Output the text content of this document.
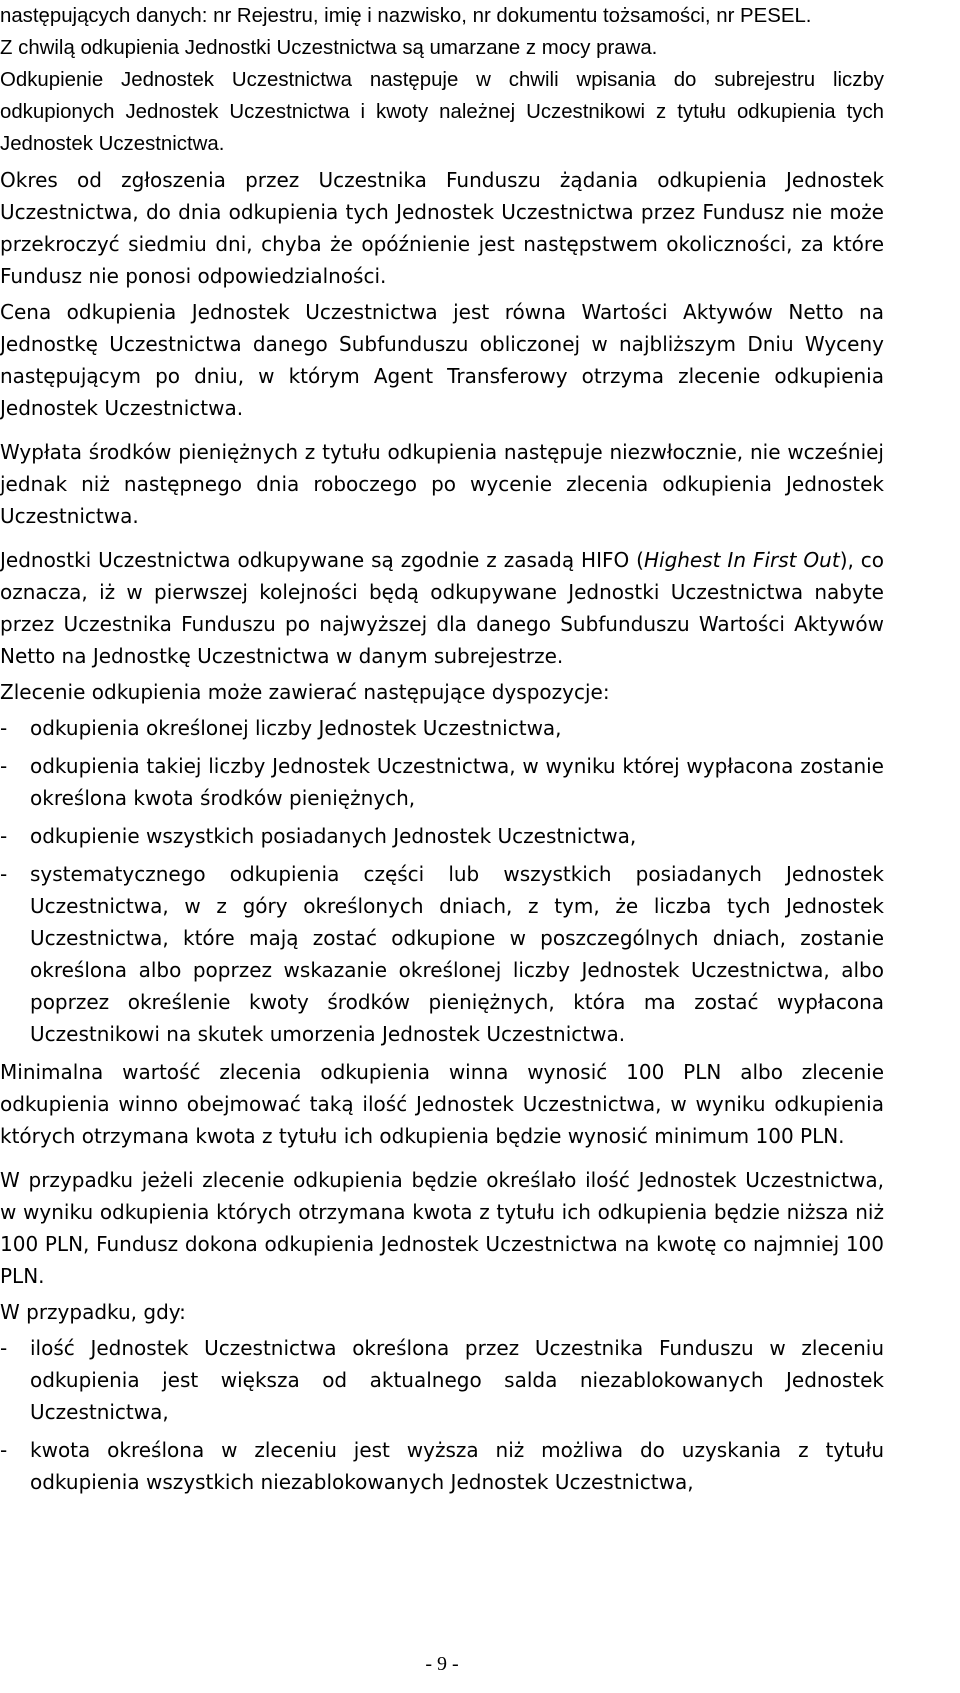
następujących danych: nr Rejestru, imię i nazwisko, nr dokumentu tożsamości, nr PESEL.

Z chwilą odkupienia Jednostki Uczestnictwa są umarzane z mocy prawa.

Odkupienie Jednostek Uczestnictwa następuje w chwili wpisania do subrejestru liczby odkupionych Jednostek Uczestnictwa i kwoty należnej Uczestnikowi z tytułu odkupienia tych Jednostek Uczestnictwa.

Okres od zgłoszenia przez Uczestnika Funduszu żądania odkupienia Jednostek Uczestnictwa, do dnia odkupienia tych Jednostek Uczestnictwa przez Fundusz nie może przekroczyć siedmiu dni, chyba że opóźnienie jest następstwem okoliczności, za które Fundusz nie ponosi odpowiedzialności.

Cena odkupienia Jednostek Uczestnictwa jest równa Wartości Aktywów Netto na Jednostkę Uczestnictwa danego Subfunduszu obliczonej w najbliższym Dniu Wyceny następującym po dniu, w którym Agent Transferowy otrzyma zlecenie odkupienia Jednostek Uczestnictwa.

Wypłata środków pieniężnych z tytułu odkupienia następuje niezwłocznie, nie wcześniej jednak niż następnego dnia roboczego po wycenie zlecenia odkupienia Jednostek Uczestnictwa.

Jednostki Uczestnictwa odkupywane są zgodnie z zasadą HIFO (Highest In First Out), co oznacza, iż w pierwszej kolejności będą odkupywane Jednostki Uczestnictwa nabyte przez Uczestnika Funduszu po najwyższej dla danego Subfunduszu Wartości Aktywów Netto na Jednostkę Uczestnictwa w danym subrejestrze.

Zlecenie odkupienia może zawierać następujące dyspozycje:

- odkupienia określonej liczby Jednostek Uczestnictwa,
- odkupienia takiej liczby Jednostek Uczestnictwa, w wyniku której wypłacona zostanie określona kwota środków pieniężnych,
- odkupienie wszystkich posiadanych Jednostek Uczestnictwa,
- systematycznego odkupienia części lub wszystkich posiadanych Jednostek Uczestnictwa, w z góry określonych dniach, z tym, że liczba tych Jednostek Uczestnictwa, które mają zostać odkupione w poszczególnych dniach, zostanie określona albo poprzez wskazanie określonej liczby Jednostek Uczestnictwa, albo poprzez określenie kwoty środków pieniężnych, która ma zostać wypłacona Uczestnikowi na skutek umorzenia Jednostek Uczestnictwa.

Minimalna wartość zlecenia odkupienia winna wynosić 100 PLN albo zlecenie odkupienia winno obejmować taką ilość Jednostek Uczestnictwa, w wyniku odkupienia których otrzymana kwota z tytułu ich odkupienia będzie wynosić minimum 100 PLN.

W przypadku jeżeli zlecenie odkupienia będzie określało ilość Jednostek Uczestnictwa, w wyniku odkupienia których otrzymana kwota z tytułu ich odkupienia będzie niższa niż 100 PLN, Fundusz dokona odkupienia Jednostek Uczestnictwa na kwotę co najmniej 100 PLN.

W przypadku, gdy:

- ilość Jednostek Uczestnictwa określona przez Uczestnika Funduszu w zleceniu odkupienia jest większa od aktualnego salda niezablokowanych Jednostek Uczestnictwa,
- kwota określona w zleceniu jest wyższa niż możliwa do uzyskania z tytułu odkupienia wszystkich niezablokowanych Jednostek Uczestnictwa,
- 9 -
